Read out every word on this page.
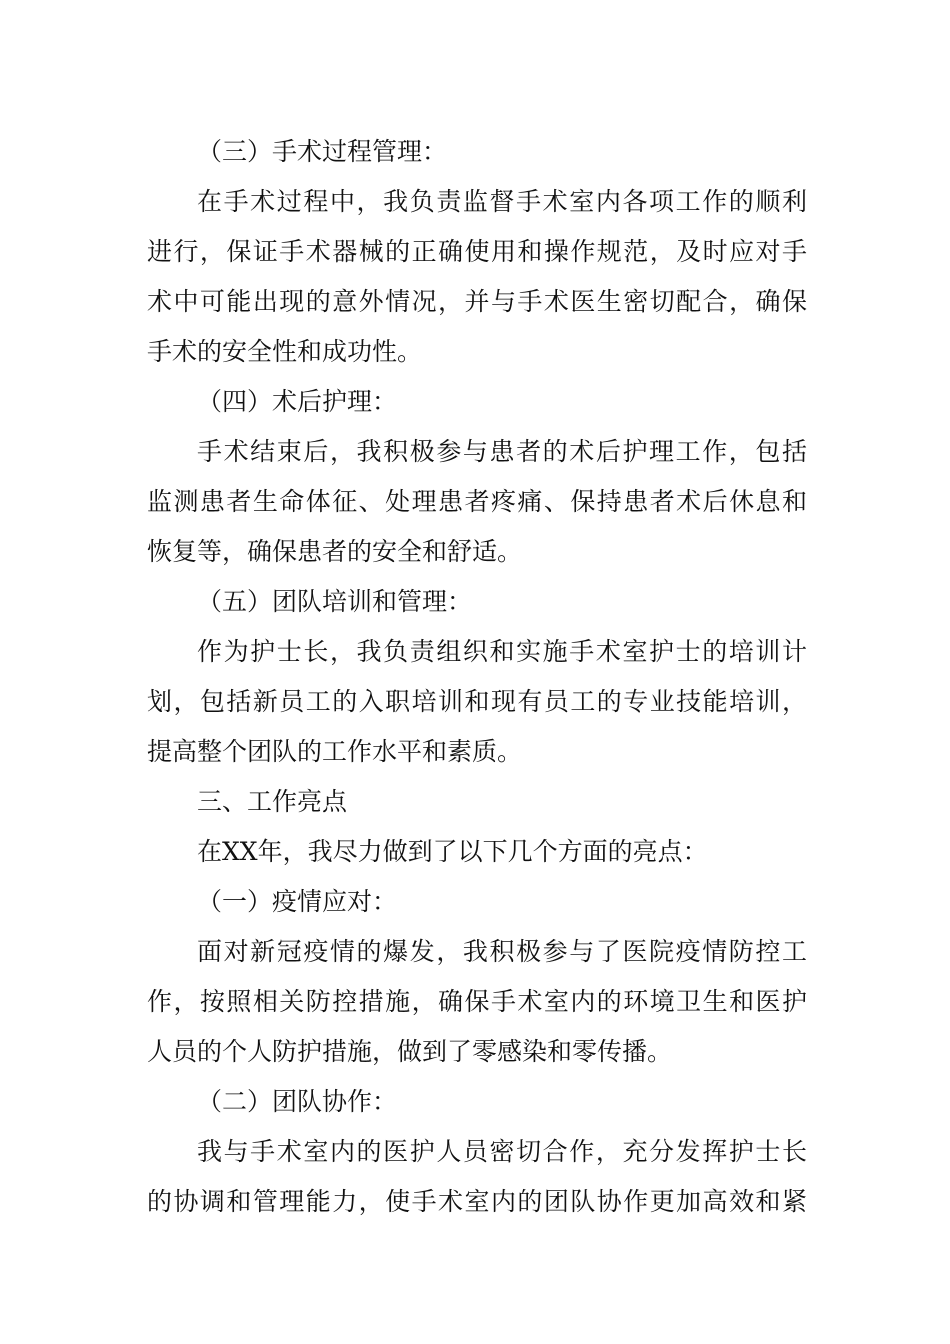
（三）手术过程管理：
在手术过程中，我负责监督手术室内各项工作的顺利
进行，保证手术器械的正确使用和操作规范，及时应对手
术中可能出现的意外情况，并与手术医生密切配合，确保
手术的安全性和成功性。
（四）术后护理：
手术结束后，我积极参与患者的术后护理工作，包括
监测患者生命体征、处理患者疼痛、保持患者术后休息和
恢复等，确保患者的安全和舒适。
（五）团队培训和管理：
作为护士长，我负责组织和实施手术室护士的培训计
划，包括新员工的入职培训和现有员工的专业技能培训，
提高整个团队的工作水平和素质。
三、工作亮点
在XX年，我尽力做到了以下几个方面的亮点：
（一）疫情应对：
面对新冠疫情的爆发，我积极参与了医院疫情防控工
作，按照相关防控措施，确保手术室内的环境卫生和医护
人员的个人防护措施，做到了零感染和零传播。
（二）团队协作：
我与手术室内的医护人员密切合作，充分发挥护士长
的协调和管理能力，使手术室内的团队协作更加高效和紧
